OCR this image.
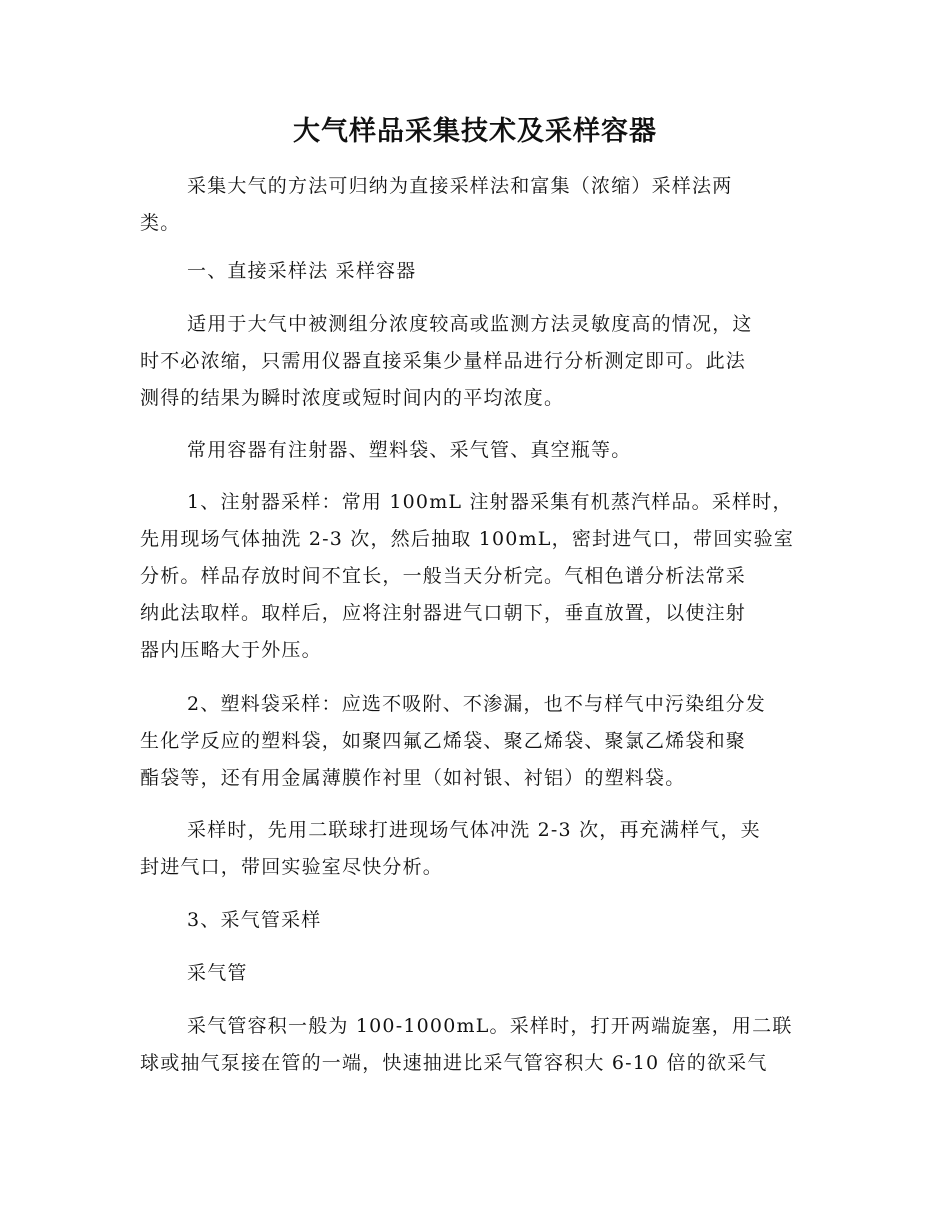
大气样品采集技术及采样容器

采集大气的方法可归纳为直接采样法和富集（浓缩）采样法两
类。

一、直接采样法 采样容器

适用于大气中被测组分浓度较高或监测方法灵敏度高的情况，这
时不必浓缩，只需用仪器直接采集少量样品进行分析测定即可。此法
测得的结果为瞬时浓度或短时间内的平均浓度。

常用容器有注射器、塑料袋、采气管、真空瓶等。

1、注射器采样：常用 100mL 注射器采集有机蒸汽样品。采样时，
先用现场气体抽洗 2-3 次，然后抽取 100mL，密封进气口，带回实验室
分析。样品存放时间不宜长，一般当天分析完。气相色谱分析法常采
纳此法取样。取样后，应将注射器进气口朝下，垂直放置，以使注射
器内压略大于外压。

2、塑料袋采样：应选不吸附、不渗漏，也不与样气中污染组分发
生化学反应的塑料袋，如聚四氟乙烯袋、聚乙烯袋、聚氯乙烯袋和聚
酯袋等，还有用金属薄膜作衬里（如衬银、衬铝）的塑料袋。

采样时，先用二联球打进现场气体冲洗 2-3 次，再充满样气，夹
封进气口，带回实验室尽快分析。

3、采气管采样

采气管

采气管容积一般为 100-1000mL。采样时，打开两端旋塞，用二联
球或抽气泵接在管的一端，快速抽进比采气管容积大 6-10 倍的欲采气
